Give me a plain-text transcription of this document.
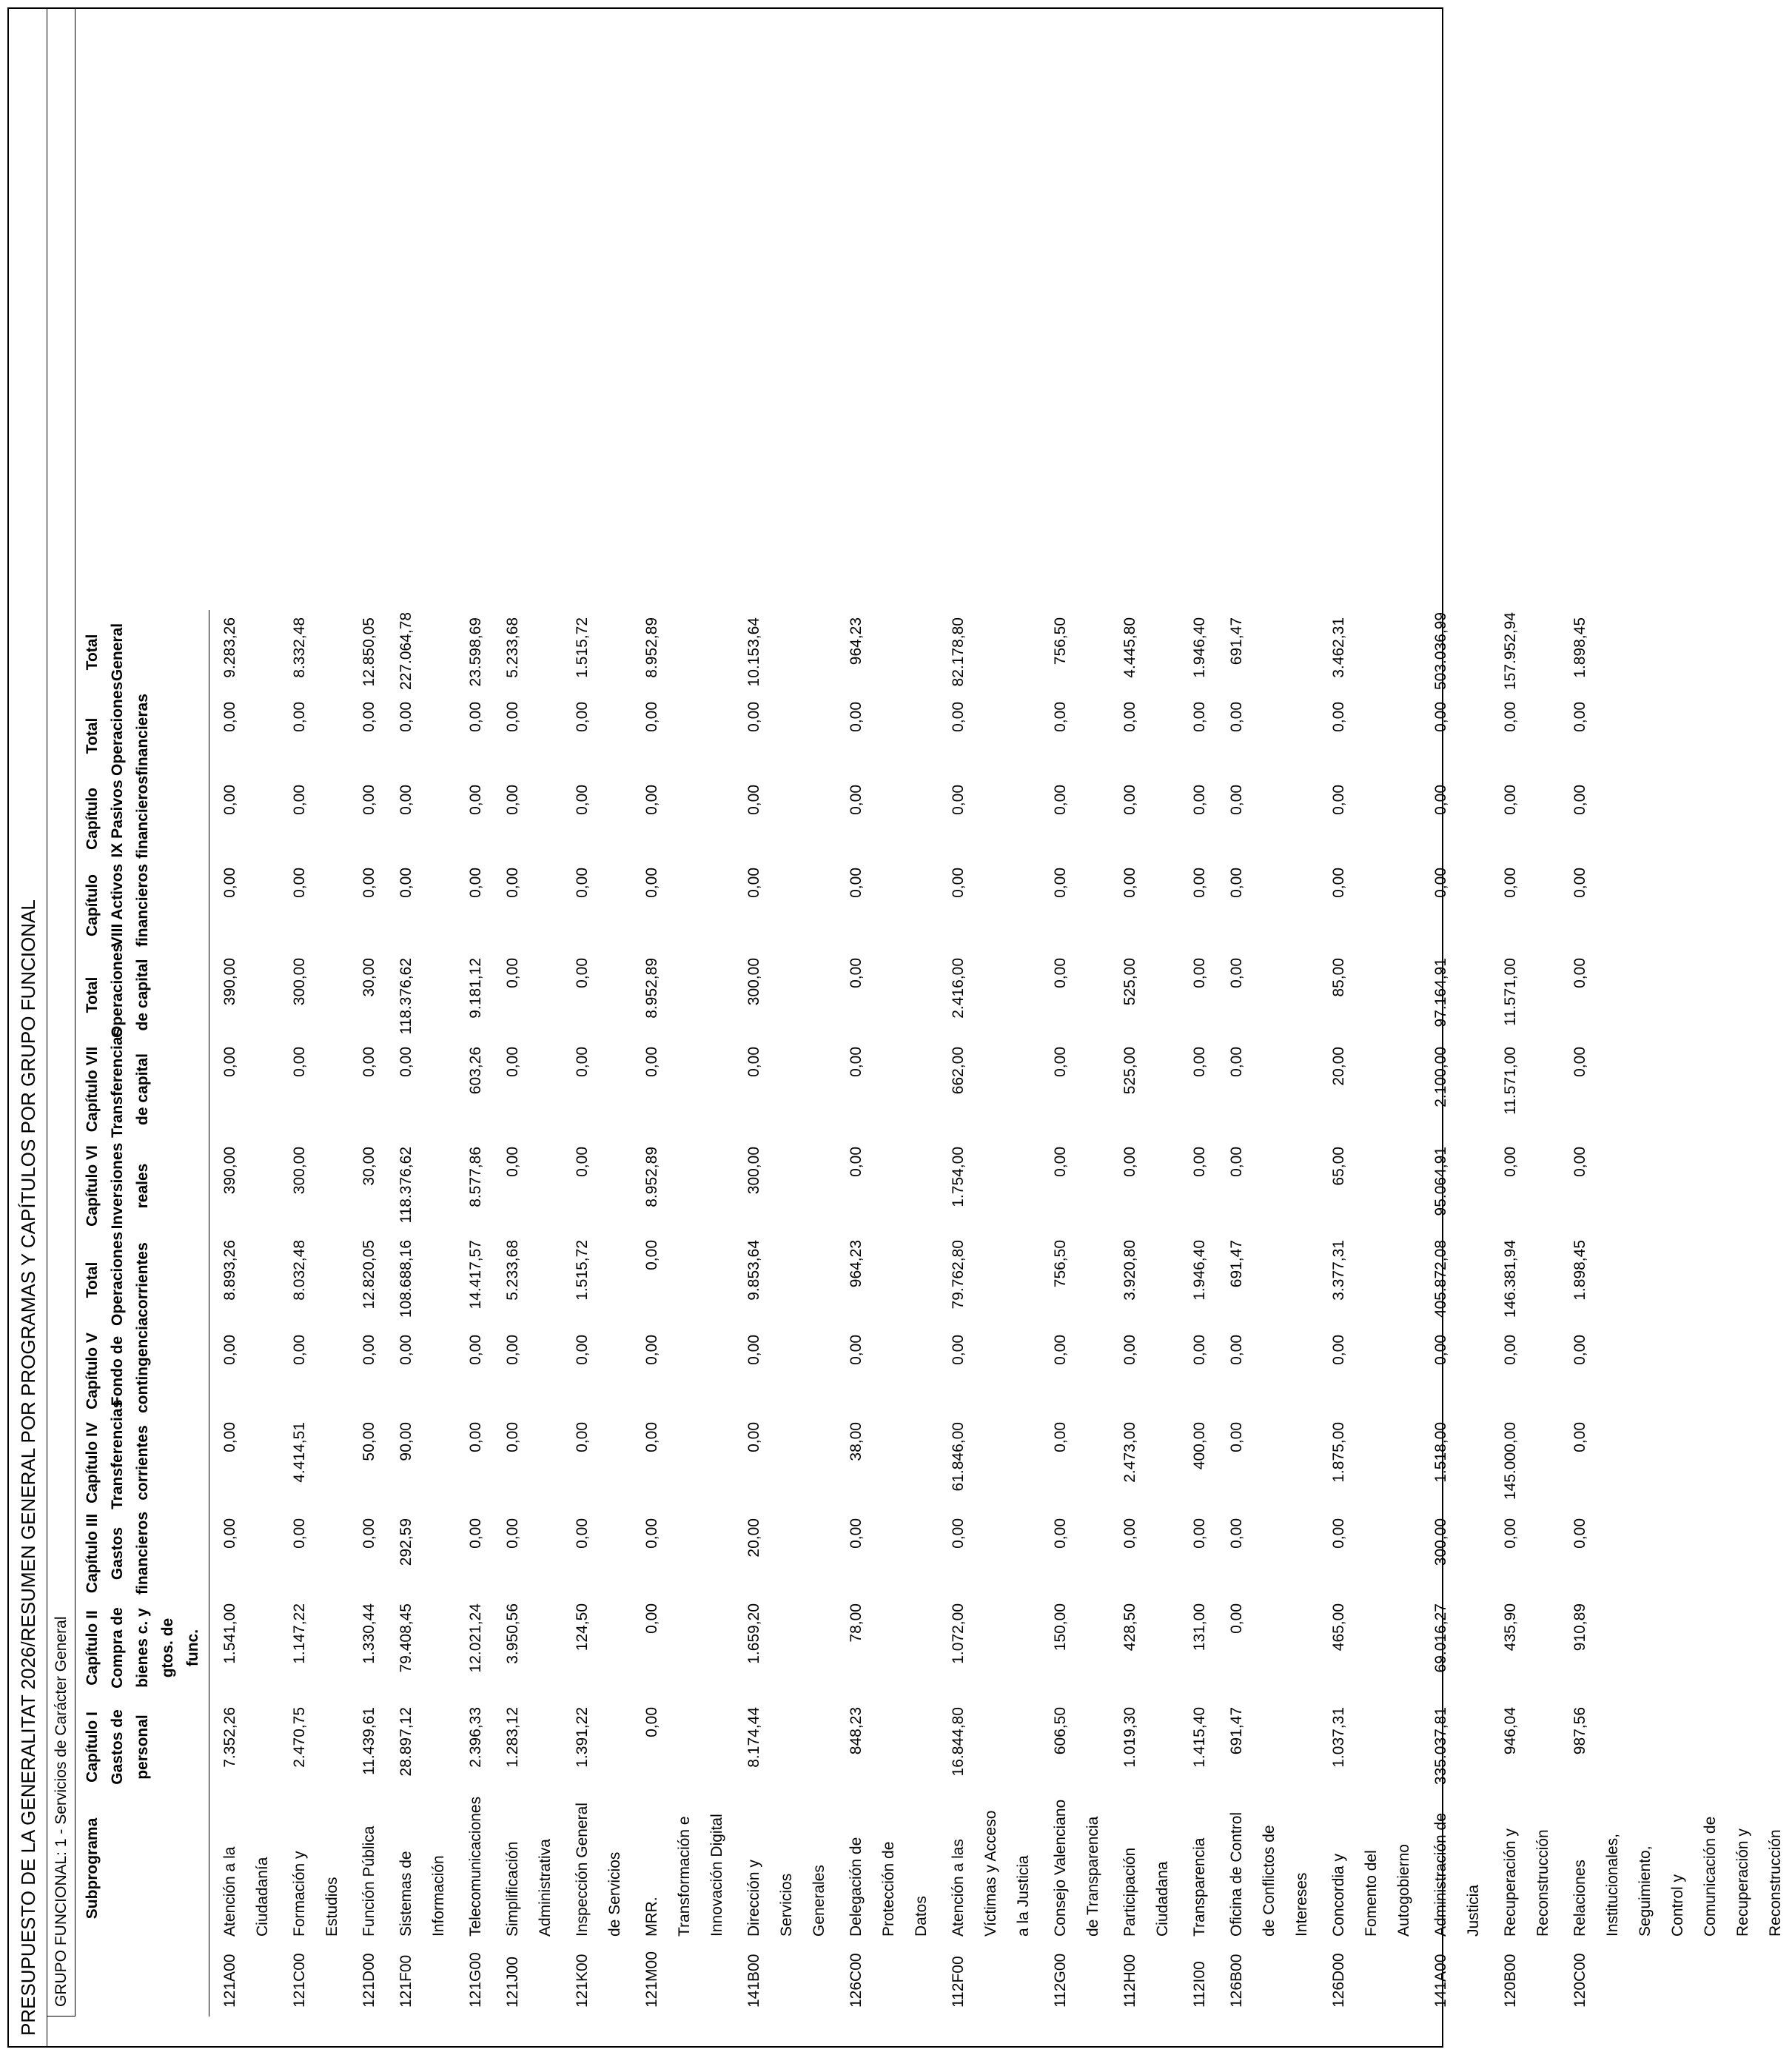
PRESUPUESTO DE LA GENERALITAT 2026/RESUMEN GENERAL POR PROGRAMAS Y CAPÍTULOS POR GRUPO FUNCIONAL GRUPO FUNCIONAL: 1 - Servicios de Carácter General
	Subprograma	Capítulo I Gastos de personal	Capítulo II Compra de bienes c. y gtos. de func.	Capítulo III Gastos financieros	Capítulo IV Transferencias corrientes	Capítulo V Fondo de contingencia	Total Operaciones corrientes	Capítulo VI Inversiones reales	Capítulo VII Transferencias de capital	Total Operaciones de capital	Capítulo VIII Activos financieros	Capítulo IX Pasivos financieros	Total Operaciones financieras	Total General
121A00	Atención a la Ciudadanía	7.352,26	1.541,00	0,00	0,00	0,00	8.893,26	390,00	0,00	390,00	0,00	0,00	0,00	9.283,26
121C00	Formación y Estudios	2.470,75	1.147,22	0,00	4.414,51	0,00	8.032,48	300,00	0,00	300,00	0,00	0,00	0,00	8.332,48
121D00	Función Pública	11.439,61	1.330,44	0,00	50,00	0,00	12.820,05	30,00	0,00	30,00	0,00	0,00	0,00	12.850,05
121F00	Sistemas de Información	28.897,12	79.408,45	292,59	90,00	0,00	108.688,16	118.376,62	0,00	118.376,62	0,00	0,00	0,00	227.064,78
121G00	Telecomunicaciones	2.396,33	12.021,24	0,00	0,00	0,00	14.417,57	8.577,86	603,26	9.181,12	0,00	0,00	0,00	23.598,69
121J00	Simplificación Administrativa	1.283,12	3.950,56	0,00	0,00	0,00	5.233,68	0,00	0,00	0,00	0,00	0,00	0,00	5.233,68
121K00	Inspección General de Servicios	1.391,22	124,50	0,00	0,00	0,00	1.515,72	0,00	0,00	0,00	0,00	0,00	0,00	1.515,72
121M00	MRR. Transformación e Innovación Digital	0,00	0,00	0,00	0,00	0,00	0,00	8.952,89	0,00	8.952,89	0,00	0,00	0,00	8.952,89
141B00	Dirección y Servicios Generales	8.174,44	1.659,20	20,00	0,00	0,00	9.853,64	300,00	0,00	300,00	0,00	0,00	0,00	10.153,64
126C00	Delegación de Protección de Datos	848,23	78,00	0,00	38,00	0,00	964,23	0,00	0,00	0,00	0,00	0,00	0,00	964,23
112F00	Atención a las Víctimas y Acceso a la Justicia	16.844,80	1.072,00	0,00	61.846,00	0,00	79.762,80	1.754,00	662,00	2.416,00	0,00	0,00	0,00	82.178,80
112G00	Consejo Valenciano de Transparencia	606,50	150,00	0,00	0,00	0,00	756,50	0,00	0,00	0,00	0,00	0,00	0,00	756,50
112H00	Participación Ciudadana	1.019,30	428,50	0,00	2.473,00	0,00	3.920,80	0,00	525,00	525,00	0,00	0,00	0,00	4.445,80
112I00	Transparencia	1.415,40	131,00	0,00	400,00	0,00	1.946,40	0,00	0,00	0,00	0,00	0,00	0,00	1.946,40
126B00	Oficina de Control de Conflictos de Intereses	691,47	0,00	0,00	0,00	0,00	691,47	0,00	0,00	0,00	0,00	0,00	0,00	691,47
126D00	Concordia y Fomento del Autogobierno	1.037,31	465,00	0,00	1.875,00	0,00	3.377,31	65,00	20,00	85,00	0,00	0,00	0,00	3.462,31
141A00	Administración de Justicia	335.037,81	69.016,27	300,00	1.518,00	0,00	405.872,08	95.064,91	2.100,00	97.164,91	0,00	0,00	0,00	503.036,99
120B00	Recuperación y Reconstrucción	946,04	435,90	0,00	145.000,00	0,00	146.381,94	0,00	11.571,00	11.571,00	0,00	0,00	0,00	157.952,94
120C00	Relaciones Institucionales, Seguimiento, Control y Comunicación de Recuperación y Reconstrucción	987,56	910,89	0,00	0,00	0,00	1.898,45	0,00	0,00	0,00	0,00	0,00	0,00	1.898,45
